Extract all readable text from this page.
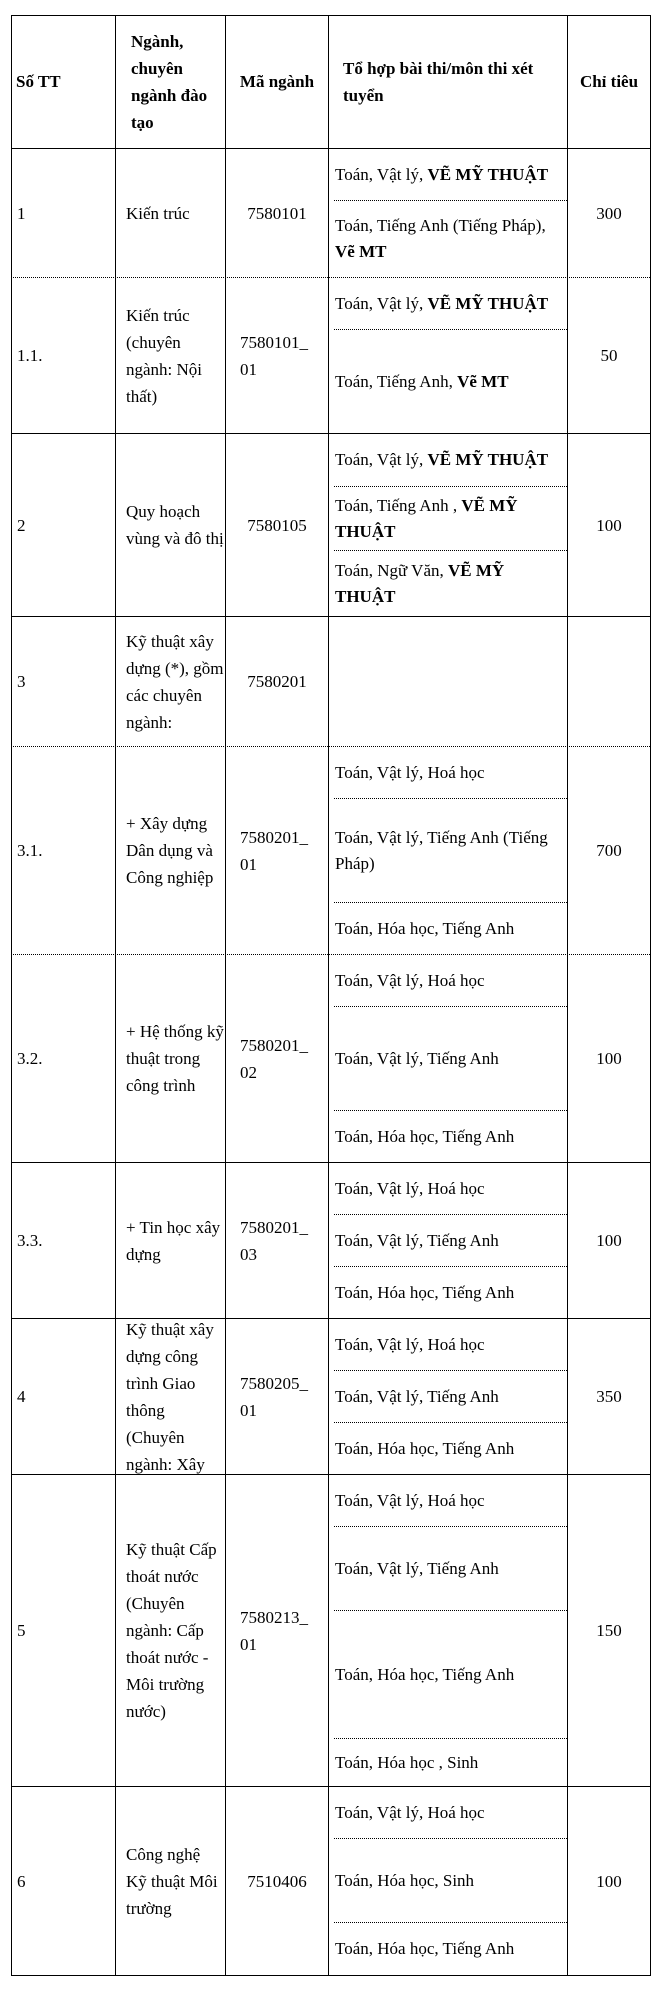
Số TT
Ngành, chuyên ngành đào tạo
Mã ngành
Tổ hợp bài thi/môn thi xét tuyển
Chỉ tiêu
1	Kiến trúc	7580101
Toán, Vật lý, VẼ MỸ THUẬT
Toán, Tiếng Anh (Tiếng Pháp), Vẽ MT
300
1.1.
Kiến trúc (chuyên ngành: Nội thất)
7580101_ 01
Toán, Vật lý, VẼ MỸ THUẬT
Toán, Tiếng Anh, Vẽ MT
50
2
Quy hoạch vùng và đô thị
7580105
Toán, Vật lý, VẼ MỸ THUẬT
Toán, Tiếng Anh , VẼ MỸ THUẬT
Toán, Ngữ Văn, VẼ MỸ THUẬT
100
3
Kỹ thuật xây dựng (*), gồm các chuyên ngành:
7580201
3.1.
+ Xây dựng Dân dụng và Công nghiệp
7580201_ 01
Toán, Vật lý, Hoá học
Toán, Vật lý, Tiếng Anh (Tiếng Pháp)
Toán, Hóa học, Tiếng Anh
700
3.2.
+ Hệ thống kỹ thuật trong công trình
7580201_ 02
Toán, Vật lý, Hoá học
Toán, Vật lý, Tiếng Anh
Toán, Hóa học, Tiếng Anh
100
3.3.
+ Tin học xây dựng
7580201_ 03
Toán, Vật lý, Hoá học
Toán, Vật lý, Tiếng Anh
Toán, Hóa học, Tiếng Anh
100
4
Kỹ thuật xây dựng công trình Giao thông (Chuyên ngành: Xây
7580205_ 01
Toán, Vật lý, Hoá học
Toán, Vật lý, Tiếng Anh
Toán, Hóa học, Tiếng Anh
350
5
Kỹ thuật Cấp thoát nước (Chuyên ngành: Cấp thoát nước - Môi trường nước)
7580213_ 01
Toán, Vật lý, Hoá học
Toán, Vật lý, Tiếng Anh
Toán, Hóa học, Tiếng Anh
Toán, Hóa học , Sinh
150
6
Công nghệ Kỹ thuật Môi trường
7510406
Toán, Vật lý, Hoá học
Toán, Hóa học, Sinh
Toán, Hóa học, Tiếng Anh
100
